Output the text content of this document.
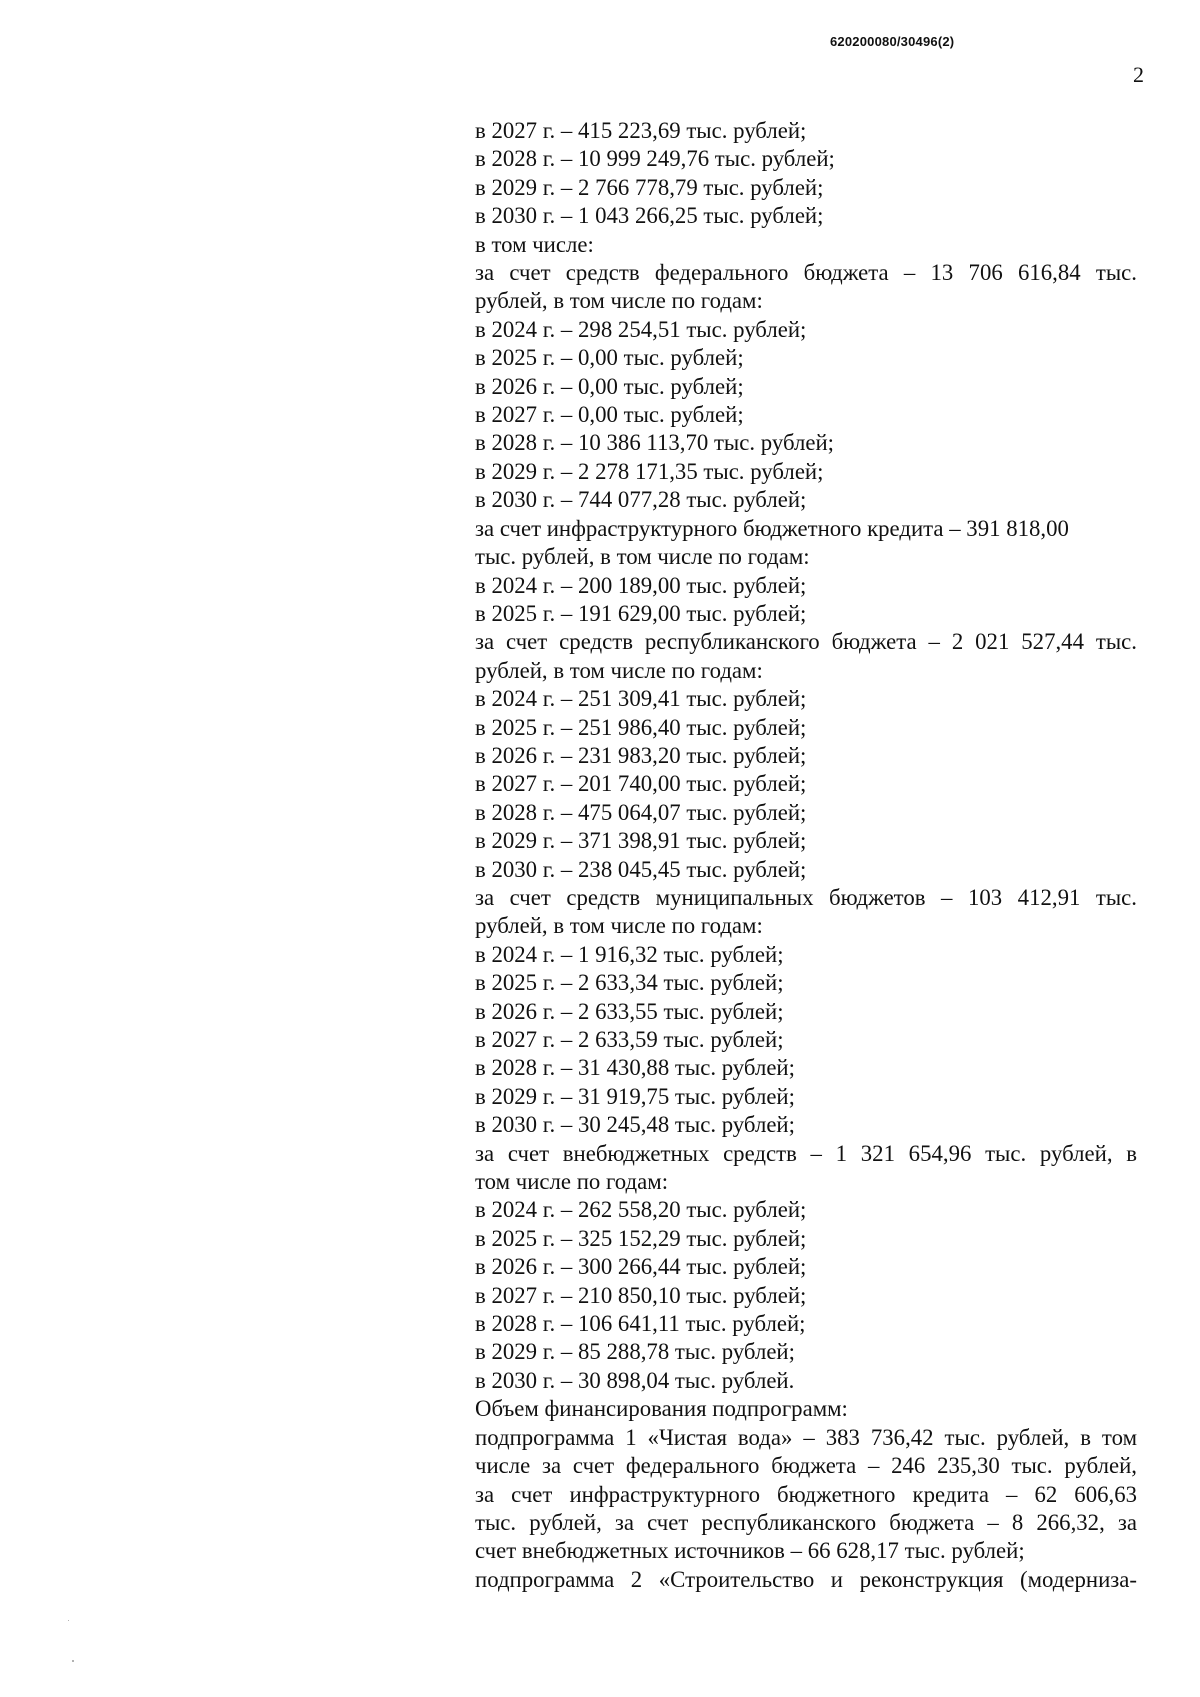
620200080/30496(2)
2
в 2027 г. – 415 223,69 тыс. рублей;
в 2028 г. – 10 999 249,76 тыс. рублей;
в 2029 г. – 2 766 778,79 тыс. рублей;
в 2030 г. – 1 043 266,25 тыс. рублей;
в том числе:
за счет средств федерального бюджета – 13 706 616,84 тыс.
рублей, в том числе по годам:
в 2024 г. – 298 254,51 тыс. рублей;
в 2025 г. – 0,00 тыс. рублей;
в 2026 г. – 0,00 тыс. рублей;
в 2027 г. – 0,00 тыс. рублей;
в 2028 г. – 10 386 113,70 тыс. рублей;
в 2029 г. – 2 278 171,35 тыс. рублей;
в 2030 г. – 744 077,28 тыс. рублей;
за счет инфраструктурного бюджетного кредита – 391 818,00
тыс. рублей, в том числе по годам:
в 2024 г. – 200 189,00 тыс. рублей;
в 2025 г. – 191 629,00 тыс. рублей;
за счет средств республиканского бюджета – 2 021 527,44 тыс.
рублей, в том числе по годам:
в 2024 г. – 251 309,41 тыс. рублей;
в 2025 г. – 251 986,40 тыс. рублей;
в 2026 г. – 231 983,20 тыс. рублей;
в 2027 г. – 201 740,00 тыс. рублей;
в 2028 г. – 475 064,07 тыс. рублей;
в 2029 г. – 371 398,91 тыс. рублей;
в 2030 г. – 238 045,45 тыс. рублей;
за счет средств муниципальных бюджетов – 103 412,91 тыс.
рублей, в том числе по годам:
в 2024 г. – 1 916,32 тыс. рублей;
в 2025 г. – 2 633,34 тыс. рублей;
в 2026 г. – 2 633,55 тыс. рублей;
в 2027 г. – 2 633,59 тыс. рублей;
в 2028 г. – 31 430,88 тыс. рублей;
в 2029 г. – 31 919,75 тыс. рублей;
в 2030 г. – 30 245,48 тыс. рублей;
за счет внебюджетных средств – 1 321 654,96 тыс. рублей, в
том числе по годам:
в 2024 г. – 262 558,20 тыс. рублей;
в 2025 г. – 325 152,29 тыс. рублей;
в 2026 г. – 300 266,44 тыс. рублей;
в 2027 г. – 210 850,10 тыс. рублей;
в 2028 г. – 106 641,11 тыс. рублей;
в 2029 г. – 85 288,78 тыс. рублей;
в 2030 г. – 30 898,04 тыс. рублей.
Объем финансирования подпрограмм:
подпрограмма 1 «Чистая вода» – 383 736,42 тыс. рублей, в том
числе за счет федерального бюджета – 246 235,30 тыс. рублей,
за счет инфраструктурного бюджетного кредита – 62 606,63
тыс. рублей, за счет республиканского бюджета – 8 266,32, за
счет внебюджетных источников – 66 628,17 тыс. рублей;
подпрограмма 2 «Строительство и реконструкция (модерниза-
